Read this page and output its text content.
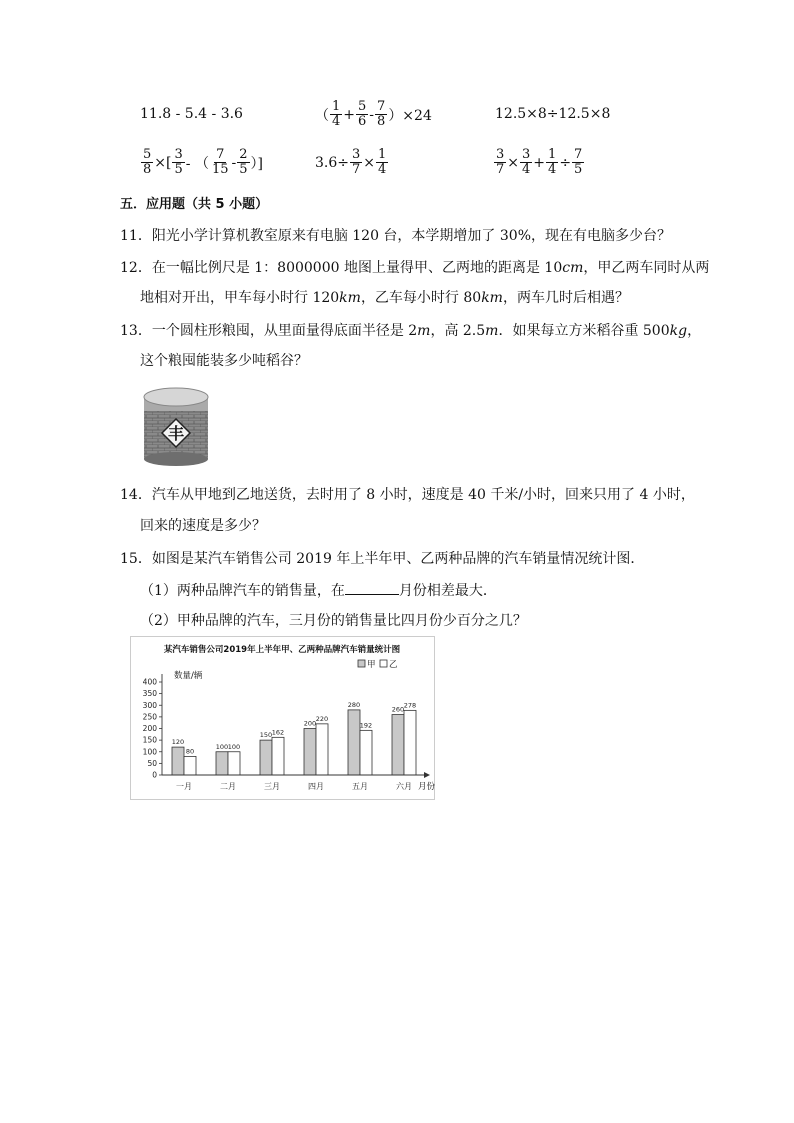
11.8 - 5.4 - 3.6	（ $\frac{1}{4} + \frac{5}{6} - \frac{7}{8} )\times 24$	12.5×8÷12.5×8
$\frac{5}{8}$ ×[ $\frac{3}{5}$ - （ $\frac{7}{15} - \frac{2}{5}$ ）]	$3.6\div \frac{3}{7} \times \frac{1}{4}$	$\frac{3}{7} \times \frac{3}{4} + \frac{1}{4} \div \frac{7}{5}$
五．应用题（共 5 小题）
11．阳光小学计算机教室原来有电脑 120 台，本学期增加了 30%，现在有电脑多少台？
12．在一幅比例尺是 1：8000000 地图上量得甲、乙两地的距离是 10cm，甲乙两车同时从两
地相对开出，甲车每小时行 120km，乙车每小时行 80km，两车几时后相遇？
13．一个圆柱形粮囤，从里面量得底面半径是 2m，高 2.5m．如果每立方米稻谷重 500kg，
这个粮囤能装多少吨稻谷？
丰
14．汽车从甲地到乙地送货，去时用了 8 小时，速度是 40 千米/小时，回来只用了 4 小时，
回来的速度是多少？
15．如图是某汽车销售公司 2019 年上半年甲、乙两种品牌的汽车销量情况统计图．
（1）两种品牌汽车的销售量，在	月份相差最大．
（2）甲种品牌的汽车，三月份的销售量比四月份少百分之几？
某汽车销售公司2019年上半年甲、乙两种品牌汽车销量统计图
数量/辆
月份
甲 乙
120
80
100 100
150 162
200
220
280
192
260
278
0
50
100
150
200
250
300
350
400
一月	二月	三月	四月	五月	六月
